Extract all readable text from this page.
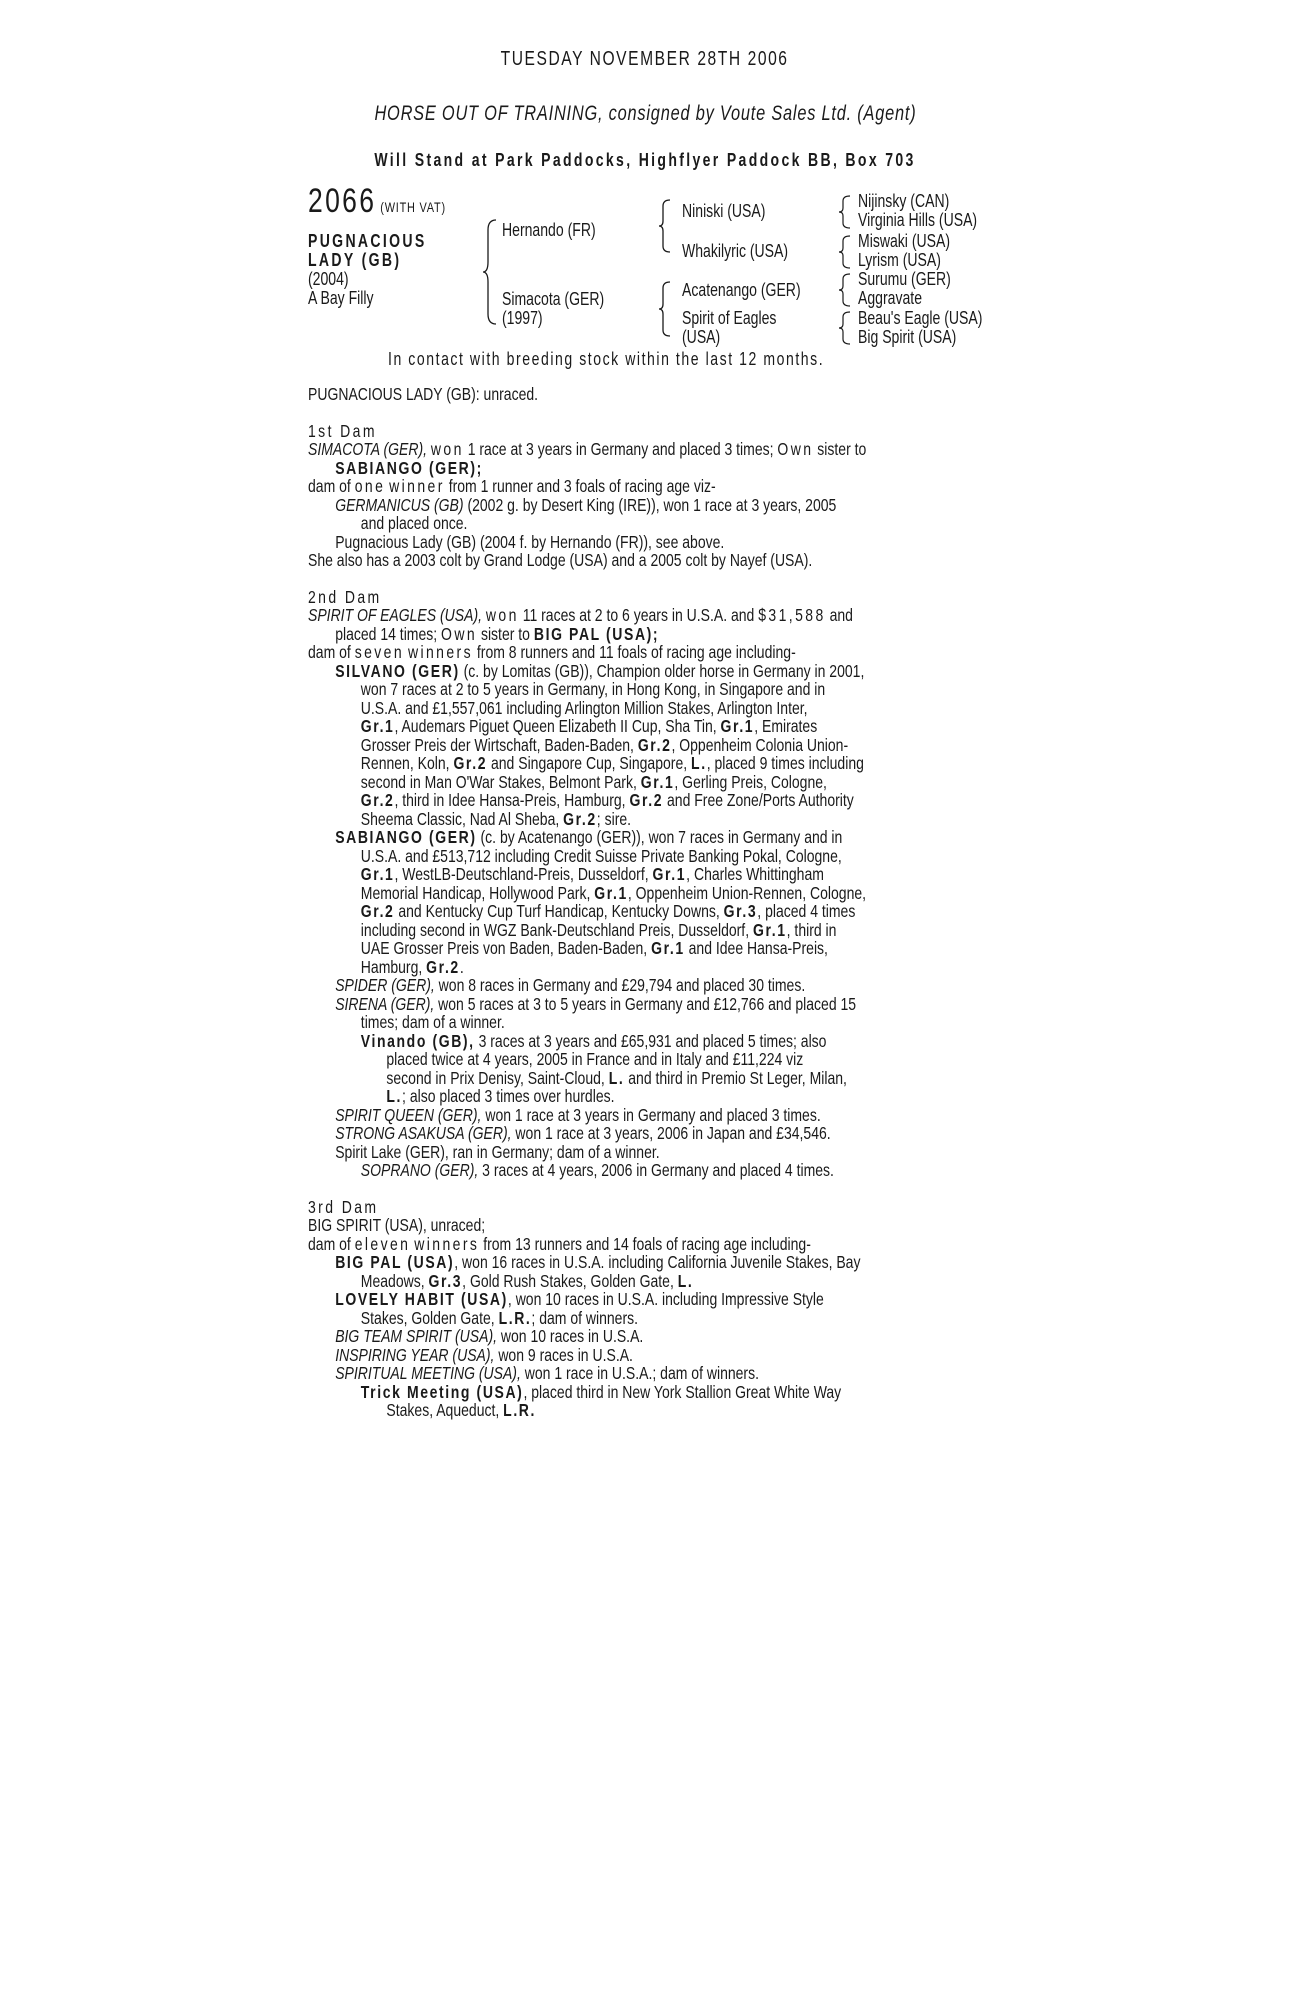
TUESDAY NOVEMBER 28TH 2006
HORSE OUT OF TRAINING, consigned by Voute Sales Ltd. (Agent)
Will Stand at Park Paddocks, Highflyer Paddock BB, Box 703
2066 (WITH VAT)
PUGNACIOUS
LADY (GB)
(2004)
A Bay Filly
Hernando (FR)
Simacota (GER)
(1997)
Niniski (USA)
Whakilyric (USA)
Acatenango (GER)
Spirit of Eagles
(USA)
Nijinsky (CAN)
Virginia Hills (USA)
Miswaki (USA)
Lyrism (USA)
Surumu (GER)
Aggravate
Beau's Eagle (USA)
Big Spirit (USA)
In contact with breeding stock within the last 12 months.
PUGNACIOUS LADY (GB): unraced.
1st Dam
SIMACOTA (GER), won 1 race at 3 years in Germany and placed 3 times; Own sister to
SABIANGO (GER);
dam of one winner from 1 runner and 3 foals of racing age viz-
GERMANICUS (GB) (2002 g. by Desert King (IRE)), won 1 race at 3 years, 2005
and placed once.
Pugnacious Lady (GB) (2004 f. by Hernando (FR)), see above.
She also has a 2003 colt by Grand Lodge (USA) and a 2005 colt by Nayef (USA).
2nd Dam
SPIRIT OF EAGLES (USA), won 11 races at 2 to 6 years in U.S.A. and $31,588 and
placed 14 times; Own sister to BIG PAL (USA);
dam of seven winners from 8 runners and 11 foals of racing age including-
SILVANO (GER) (c. by Lomitas (GB)), Champion older horse in Germany in 2001,
won 7 races at 2 to 5 years in Germany, in Hong Kong, in Singapore and in
U.S.A. and £1,557,061 including Arlington Million Stakes, Arlington Inter,
Gr.1, Audemars Piguet Queen Elizabeth II Cup, Sha Tin, Gr.1, Emirates
Grosser Preis der Wirtschaft, Baden-Baden, Gr.2, Oppenheim Colonia Union-
Rennen, Koln, Gr.2 and Singapore Cup, Singapore, L., placed 9 times including
second in Man O'War Stakes, Belmont Park, Gr.1, Gerling Preis, Cologne,
Gr.2, third in Idee Hansa-Preis, Hamburg, Gr.2 and Free Zone/Ports Authority
Sheema Classic, Nad Al Sheba, Gr.2; sire.
SABIANGO (GER) (c. by Acatenango (GER)), won 7 races in Germany and in
U.S.A. and £513,712 including Credit Suisse Private Banking Pokal, Cologne,
Gr.1, WestLB-Deutschland-Preis, Dusseldorf, Gr.1, Charles Whittingham
Memorial Handicap, Hollywood Park, Gr.1, Oppenheim Union-Rennen, Cologne,
Gr.2 and Kentucky Cup Turf Handicap, Kentucky Downs, Gr.3, placed 4 times
including second in WGZ Bank-Deutschland Preis, Dusseldorf, Gr.1, third in
UAE Grosser Preis von Baden, Baden-Baden, Gr.1 and Idee Hansa-Preis,
Hamburg, Gr.2.
SPIDER (GER), won 8 races in Germany and £29,794 and placed 30 times.
SIRENA (GER), won 5 races at 3 to 5 years in Germany and £12,766 and placed 15
times; dam of a winner.
Vinando (GB), 3 races at 3 years and £65,931 and placed 5 times; also
placed twice at 4 years, 2005 in France and in Italy and £11,224 viz
second in Prix Denisy, Saint-Cloud, L. and third in Premio St Leger, Milan,
L.; also placed 3 times over hurdles.
SPIRIT QUEEN (GER), won 1 race at 3 years in Germany and placed 3 times.
STRONG ASAKUSA (GER), won 1 race at 3 years, 2006 in Japan and £34,546.
Spirit Lake (GER), ran in Germany; dam of a winner.
SOPRANO (GER), 3 races at 4 years, 2006 in Germany and placed 4 times.
3rd Dam
BIG SPIRIT (USA), unraced;
dam of eleven winners from 13 runners and 14 foals of racing age including-
BIG PAL (USA), won 16 races in U.S.A. including California Juvenile Stakes, Bay
Meadows, Gr.3, Gold Rush Stakes, Golden Gate, L.
LOVELY HABIT (USA), won 10 races in U.S.A. including Impressive Style
Stakes, Golden Gate, L.R.; dam of winners.
BIG TEAM SPIRIT (USA), won 10 races in U.S.A.
INSPIRING YEAR (USA), won 9 races in U.S.A.
SPIRITUAL MEETING (USA), won 1 race in U.S.A.; dam of winners.
Trick Meeting (USA), placed third in New York Stallion Great White Way
Stakes, Aqueduct, L.R.
